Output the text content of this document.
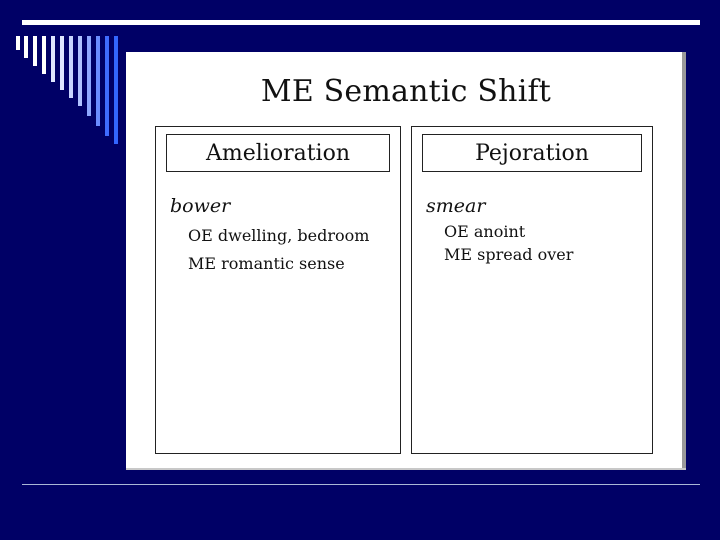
ME Semantic Shift
Amelioration
bower
OE dwelling, bedroom
ME romantic sense
Pejoration
smear
OE anoint
ME spread over
